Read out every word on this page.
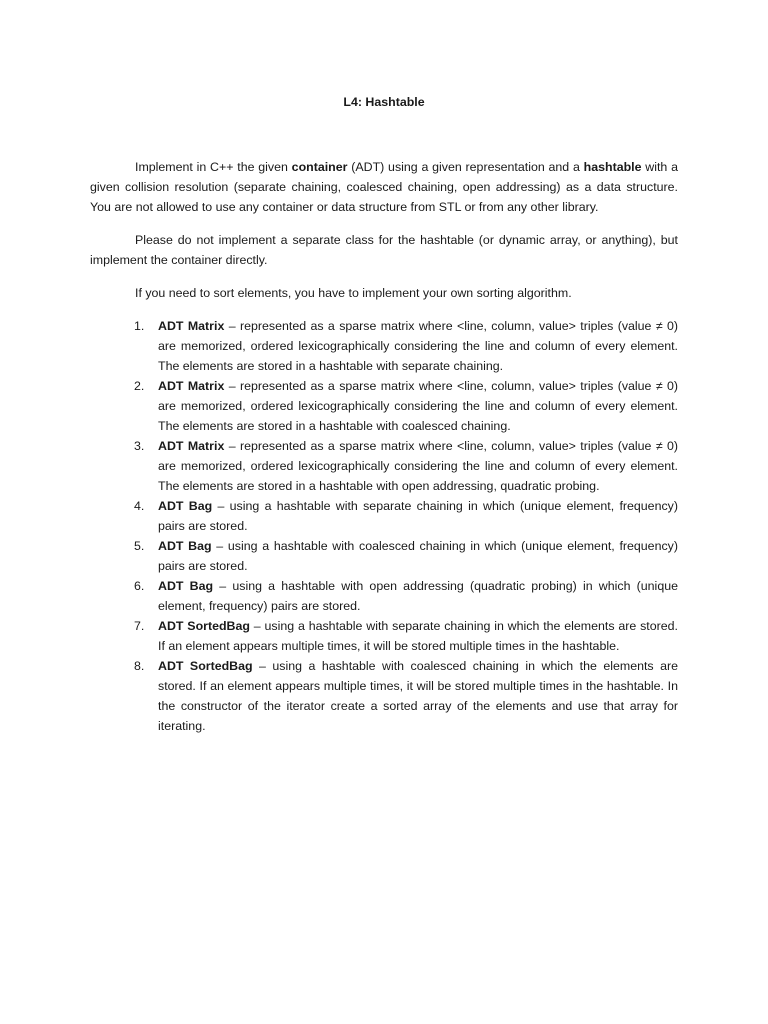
L4: Hashtable

Implement in C++ the given container (ADT) using a given representation and a hashtable with a given collision resolution (separate chaining, coalesced chaining, open addressing) as a data structure. You are not allowed to use any container or data structure from STL or from any other library.

Please do not implement a separate class for the hashtable (or dynamic array, or anything), but implement the container directly.

If you need to sort elements, you have to implement your own sorting algorithm.

1. ADT Matrix – represented as a sparse matrix where <line, column, value> triples (value ≠ 0) are memorized, ordered lexicographically considering the line and column of every element. The elements are stored in a hashtable with separate chaining.
2. ADT Matrix – represented as a sparse matrix where <line, column, value> triples (value ≠ 0) are memorized, ordered lexicographically considering the line and column of every element. The elements are stored in a hashtable with coalesced chaining.
3. ADT Matrix – represented as a sparse matrix where <line, column, value> triples (value ≠ 0) are memorized, ordered lexicographically considering the line and column of every element. The elements are stored in a hashtable with open addressing, quadratic probing.
4. ADT Bag – using a hashtable with separate chaining in which (unique element, frequency) pairs are stored.
5. ADT Bag – using a hashtable with coalesced chaining in which (unique element, frequency) pairs are stored.
6. ADT Bag – using a hashtable with open addressing (quadratic probing) in which (unique element, frequency) pairs are stored.
7. ADT SortedBag – using a hashtable with separate chaining in which the elements are stored. If an element appears multiple times, it will be stored multiple times in the hashtable.
8. ADT SortedBag – using a hashtable with coalesced chaining in which the elements are stored. If an element appears multiple times, it will be stored multiple times in the hashtable. In the constructor of the iterator create a sorted array of the elements and use that array for iterating.
